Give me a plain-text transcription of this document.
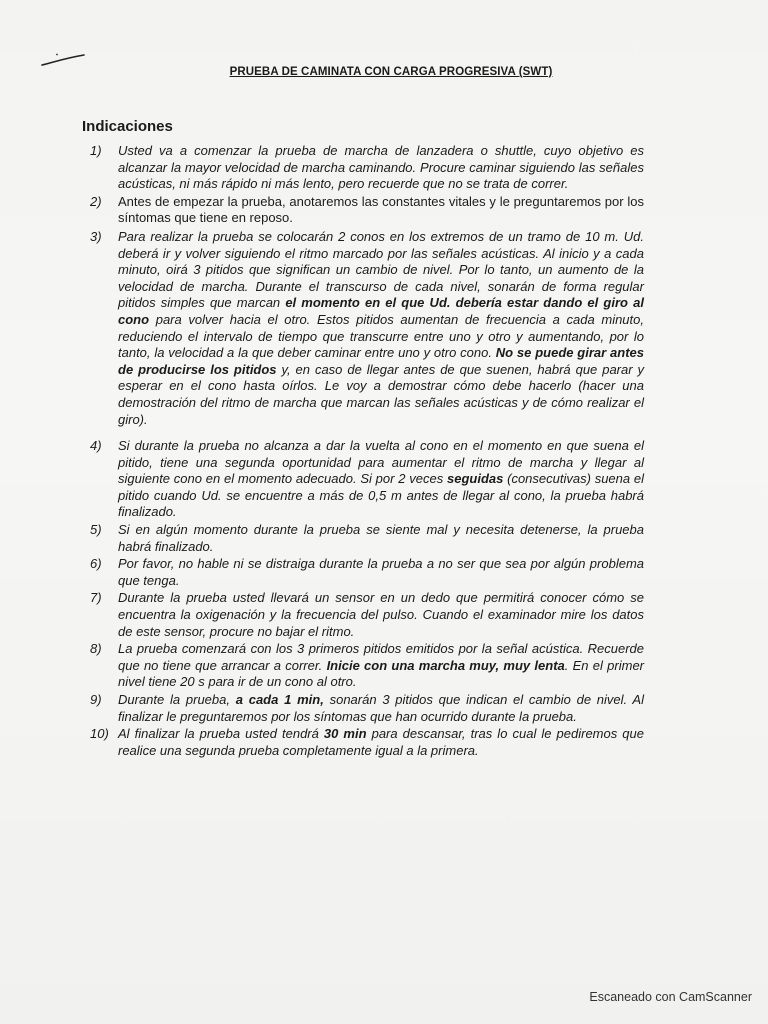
PRUEBA DE CAMINATA CON CARGA PROGRESIVA (SWT)
Indicaciones
1) Usted va a comenzar la prueba de marcha de lanzadera o shuttle, cuyo objetivo es alcanzar la mayor velocidad de marcha caminando. Procure caminar siguiendo las señales acústicas, ni más rápido ni más lento, pero recuerde que no se trata de correr.
2) Antes de empezar la prueba, anotaremos las constantes vitales y le preguntaremos por los síntomas que tiene en reposo.
3) Para realizar la prueba se colocarán 2 conos en los extremos de un tramo de 10 m. Ud. deberá ir y volver siguiendo el ritmo marcado por las señales acústicas. Al inicio y a cada minuto, oirá 3 pitidos que significan un cambio de nivel. Por lo tanto, un aumento de la velocidad de marcha. Durante el transcurso de cada nivel, sonarán de forma regular pitidos simples que marcan el momento en el que Ud. debería estar dando el giro al cono para volver hacia el otro. Estos pitidos aumentan de frecuencia a cada minuto, reduciendo el intervalo de tiempo que transcurre entre uno y otro y aumentando, por lo tanto, la velocidad a la que deber caminar entre uno y otro cono. No se puede girar antes de producirse los pitidos y, en caso de llegar antes de que suenen, habrá que parar y esperar en el cono hasta oírlos. Le voy a demostrar cómo debe hacerlo (hacer una demostración del ritmo de marcha que marcan las señales acústicas y de cómo realizar el giro).
4) Si durante la prueba no alcanza a dar la vuelta al cono en el momento en que suena el pitido, tiene una segunda oportunidad para aumentar el ritmo de marcha y llegar al siguiente cono en el momento adecuado. Si por 2 veces seguidas (consecutivas) suena el pitido cuando Ud. se encuentre a más de 0,5 m antes de llegar al cono, la prueba habrá finalizado.
5) Si en algún momento durante la prueba se siente mal y necesita detenerse, la prueba habrá finalizado.
6) Por favor, no hable ni se distraiga durante la prueba a no ser que sea por algún problema que tenga.
7) Durante la prueba usted llevará un sensor en un dedo que permitirá conocer cómo se encuentra la oxigenación y la frecuencia del pulso. Cuando el examinador mire los datos de este sensor, procure no bajar el ritmo.
8) La prueba comenzará con los 3 primeros pitidos emitidos por la señal acústica. Recuerde que no tiene que arrancar a correr. Inicie con una marcha muy, muy lenta. En el primer nivel tiene 20 s para ir de un cono al otro.
9) Durante la prueba, a cada 1 min, sonarán 3 pitidos que indican el cambio de nivel. Al finalizar le preguntaremos por los síntomas que han ocurrido durante la prueba.
10) Al finalizar la prueba usted tendrá 30 min para descansar, tras lo cual le pediremos que realice una segunda prueba completamente igual a la primera.
Escaneado con CamScanner
